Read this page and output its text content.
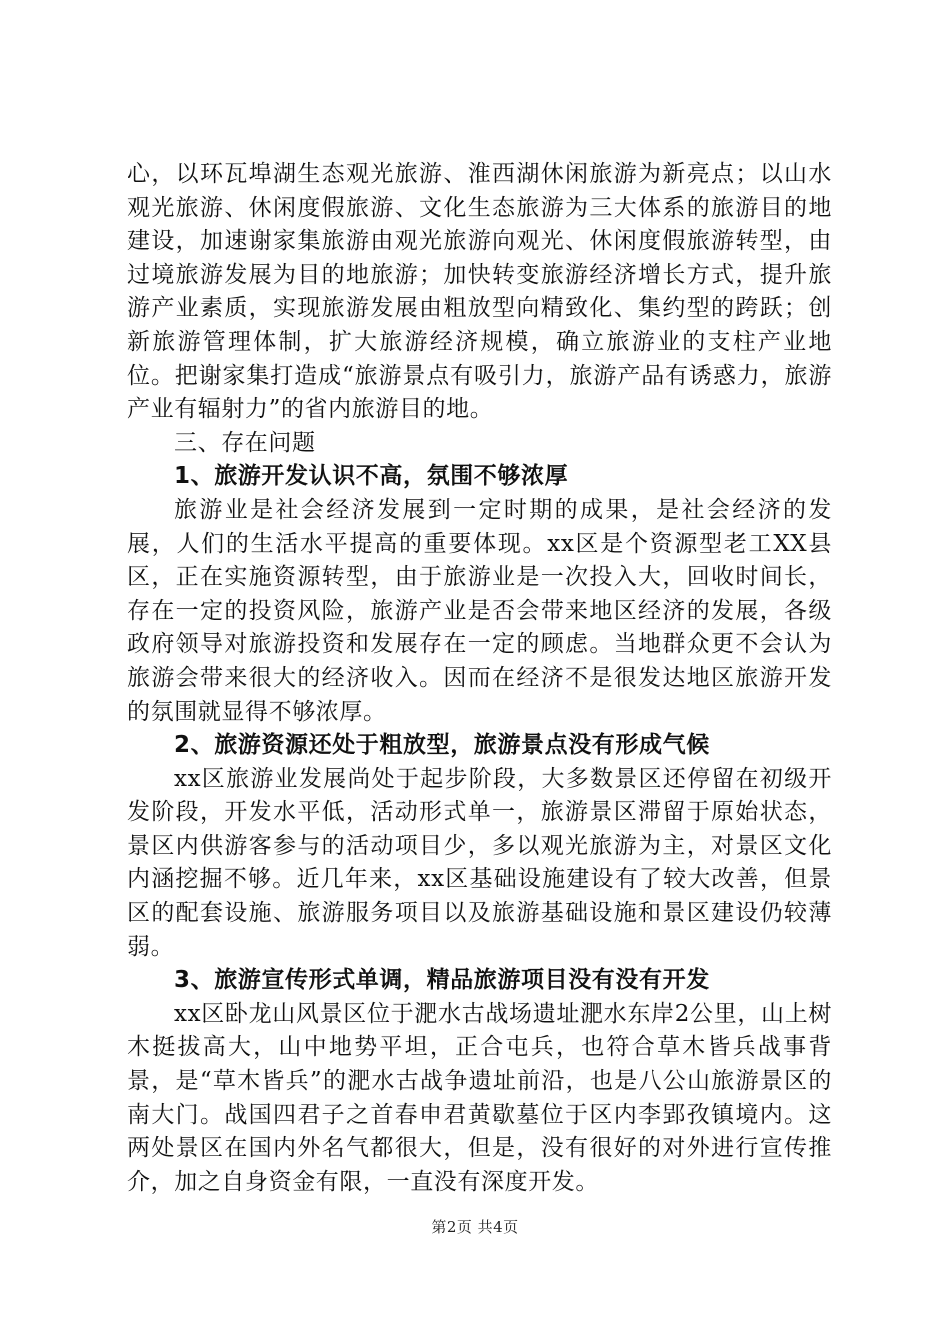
心，以环瓦埠湖生态观光旅游、淮西湖休闲旅游为新亮点；以山水观光旅游、休闲度假旅游、文化生态旅游为三大体系的旅游目的地建设，加速谢家集旅游由观光旅游向观光、休闲度假旅游转型，由过境旅游发展为目的地旅游；加快转变旅游经济增长方式，提升旅游产业素质，实现旅游发展由粗放型向精致化、集约型的跨跃；创新旅游管理体制，扩大旅游经济规模，确立旅游业的支柱产业地位。把谢家集打造成“旅游景点有吸引力，旅游产品有诱惑力，旅游产业有辐射力”的省内旅游目的地。

三、存在问题

1、旅游开发认识不高，氛围不够浓厚

旅游业是社会经济发展到一定时期的成果，是社会经济的发展，人们的生活水平提高的重要体现。xx区是个资源型老工XX县区，正在实施资源转型，由于旅游业是一次投入大，回收时间长，存在一定的投资风险，旅游产业是否会带来地区经济的发展，各级政府领导对旅游投资和发展存在一定的顾虑。当地群众更不会认为旅游会带来很大的经济收入。因而在经济不是很发达地区旅游开发的氛围就显得不够浓厚。

2、旅游资源还处于粗放型，旅游景点没有形成气候

xx区旅游业发展尚处于起步阶段，大多数景区还停留在初级开发阶段，开发水平低，活动形式单一，旅游景区滞留于原始状态，景区内供游客参与的活动项目少，多以观光旅游为主，对景区文化内涵挖掘不够。近几年来，xx区基础设施建设有了较大改善，但景区的配套设施、旅游服务项目以及旅游基础设施和景区建设仍较薄弱。

3、旅游宣传形式单调，精品旅游项目没有没有开发

xx区卧龙山风景区位于淝水古战场遗址淝水东岸2公里，山上树木挺拔高大，山中地势平坦，正合屯兵，也符合草木皆兵战事背景，是“草木皆兵”的淝水古战争遗址前沿，也是八公山旅游景区的南大门。战国四君子之首春申君黄歇墓位于区内李郢孜镇境内。这两处景区在国内外名气都很大，但是，没有很好的对外进行宣传推介，加之自身资金有限，一直没有深度开发。

第2页 共4页
